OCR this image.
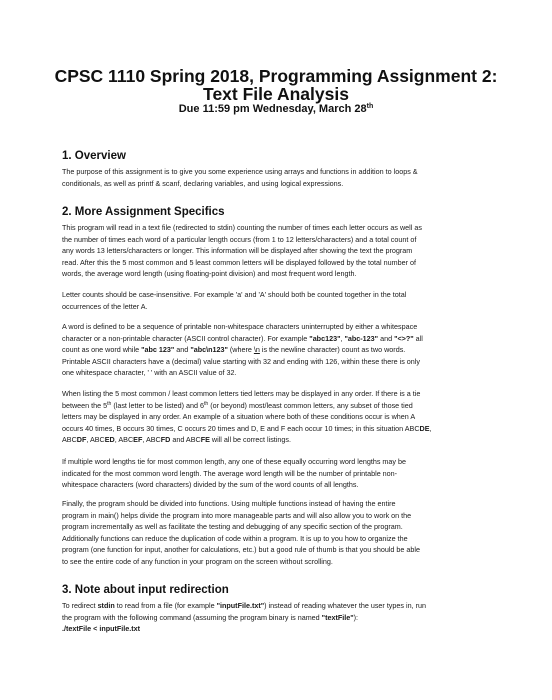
CPSC 1110 Spring 2018, Programming Assignment 2:
Text File Analysis
Due 11:59 pm Wednesday, March 28th
1. Overview
The purpose of this assignment is to give you some experience using arrays and functions in addition to loops &
conditionals, as well as printf & scanf, declaring variables, and using logical expressions.
2. More Assignment Specifics
This program will read in a text file (redirected to stdin) counting the number of times each letter occurs as well as
the number of times each word of a particular length occurs (from 1 to 12 letters/characters) and a total count of
any words 13 letters/characters or longer. This information will be displayed after showing the text the program
read. After this the 5 most common and 5 least common letters will be displayed followed by the total number of
words, the average word length (using floating-point division) and most frequent word length.
Letter counts should be case-insensitive. For example 'a' and 'A' should both be counted together in the total
occurrences of the letter A.
A word is defined to be a sequence of printable non-whitespace characters uninterrupted by either a whitespace
character or a non-printable character (ASCII control character). For example "abc123", "abc-123" and "<>?" all
count as one word while "abc 123" and "abc\n123" (where \n is the newline character) count as two words.
Printable ASCII characters have a (decimal) value starting with 32 and ending with 126, within these there is only
one whitespace character, ' ' with an ASCII value of 32.
When listing the 5 most common / least common letters tied letters may be displayed in any order. If there is a tie
between the 5th (last letter to be listed) and 6th (or beyond) most/least common letters, any subset of those tied
letters may be displayed in any order. An example of a situation where both of these conditions occur is when A
occurs 40 times, B occurs 30 times, C occurs 20 times and D, E and F each occur 10 times; in this situation ABCDE,
ABCDF, ABCED, ABCEF, ABCFD and ABCFE will all be correct listings.
If multiple word lengths tie for most common length, any one of these equally occurring word lengths may be
indicated for the most common word length. The average word length will be the number of printable non-
whitespace characters (word characters) divided by the sum of the word counts of all lengths.
Finally, the program should be divided into functions. Using multiple functions instead of having the entire
program in main() helps divide the program into more manageable parts and will also allow you to work on the
program incrementally as well as facilitate the testing and debugging of any specific section of the program.
Additionally functions can reduce the duplication of code within a program. It is up to you how to organize the
program (one function for input, another for calculations, etc.) but a good rule of thumb is that you should be able
to see the entire code of any function in your program on the screen without scrolling.
3. Note about input redirection
To redirect stdin to read from a file (for example "inputFile.txt") instead of reading whatever the user types in, run
the program with the following command (assuming the program binary is named "textFile"):
./textFile < inputFile.txt
